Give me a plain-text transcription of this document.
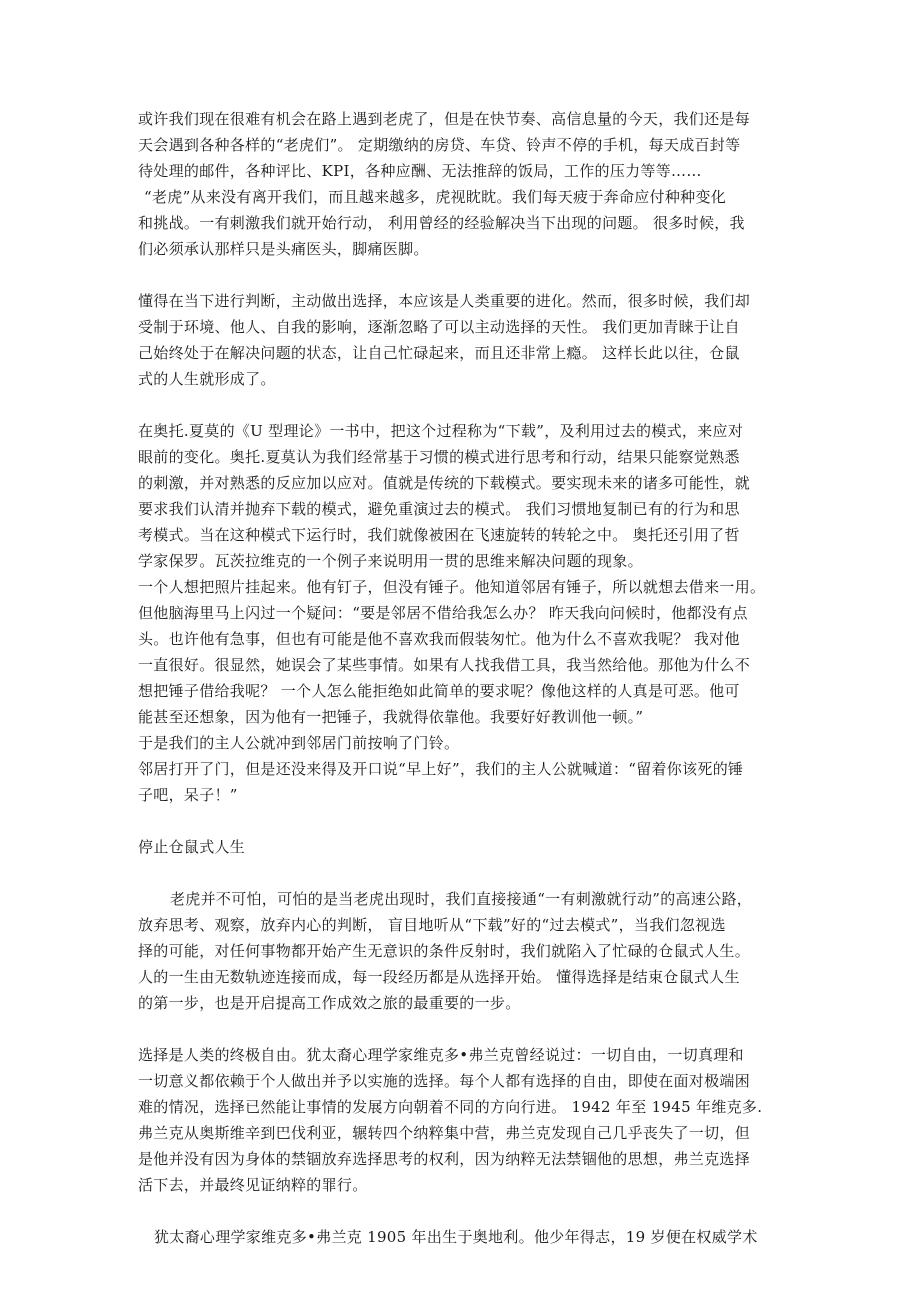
或许我们现在很难有机会在路上遇到老虎了，但是在快节奏、高信息量的今天，我们还是每
天会遇到各种各样的“老虎们”。 定期缴纳的房贷、车贷、铃声不停的手机，每天成百封等
待处理的邮件，各种评比、KPI，各种应酬、无法推辞的饭局，工作的压力等等……
“老虎”从来没有离开我们，而且越来越多，虎视眈眈。我们每天疲于奔命应付种种变化
和挑战。一有刺激我们就开始行动， 利用曾经的经验解决当下出现的问题。 很多时候，我
们必须承认那样只是头痛医头，脚痛医脚。
懂得在当下进行判断，主动做出选择，本应该是人类重要的进化。然而，很多时候，我们却
受制于环境、他人、自我的影响，逐渐忽略了可以主动选择的天性。 我们更加青睐于让自
己始终处于在解决问题的状态，让自己忙碌起来，而且还非常上瘾。 这样长此以往，仓鼠
式的人生就形成了。
在奥托.夏莫的《U 型理论》一书中，把这个过程称为“下载”，及利用过去的模式，来应对
眼前的变化。奥托.夏莫认为我们经常基于习惯的模式进行思考和行动，结果只能察觉熟悉
的刺激，并对熟悉的反应加以应对。值就是传统的下载模式。要实现未来的诸多可能性，就
要求我们认清并抛弃下载的模式，避免重演过去的模式。 我们习惯地复制已有的行为和思
考模式。当在这种模式下运行时，我们就像被困在飞速旋转的转轮之中。 奥托还引用了哲
学家保罗。瓦茨拉维克的一个例子来说明用一贯的思维来解决问题的现象。
一个人想把照片挂起来。他有钉子，但没有锤子。他知道邻居有锤子，所以就想去借来一用。
但他脑海里马上闪过一个疑问：“要是邻居不借给我怎么办？ 昨天我向问候时，他都没有点
头。也许他有急事，但也有可能是他不喜欢我而假装匆忙。他为什么不喜欢我呢？ 我对他
一直很好。很显然，她误会了某些事情。如果有人找我借工具，我当然给他。那他为什么不
想把锤子借给我呢？ 一个人怎么能拒绝如此简单的要求呢？像他这样的人真是可恶。他可
能甚至还想象，因为他有一把锤子，我就得依靠他。我要好好教训他一顿。”
于是我们的主人公就冲到邻居门前按响了门铃。
邻居打开了门，但是还没来得及开口说“早上好”，我们的主人公就喊道：“留着你该死的锤
子吧，呆子！”
停止仓鼠式人生
老虎并不可怕，可怕的是当老虎出现时，我们直接接通“一有刺激就行动”的高速公路，
放弃思考、观察，放弃内心的判断， 盲目地听从“下载”好的“过去模式”，当我们忽视选
择的可能，对任何事物都开始产生无意识的条件反射时，我们就陷入了忙碌的仓鼠式人生。
人的一生由无数轨迹连接而成，每一段经历都是从选择开始。 懂得选择是结束仓鼠式人生
的第一步，也是开启提高工作成效之旅的最重要的一步。
选择是人类的终极自由。犹太裔心理学家维克多•弗兰克曾经说过：一切自由，一切真理和
一切意义都依赖于个人做出并予以实施的选择。每个人都有选择的自由，即使在面对极端困
难的情况，选择已然能让事情的发展方向朝着不同的方向行进。 1942 年至 1945 年维克多.
弗兰克从奥斯维辛到巴伐利亚，辗转四个纳粹集中营，弗兰克发现自己几乎丧失了一切，但
是他并没有因为身体的禁锢放弃选择思考的权利，因为纳粹无法禁锢他的思想，弗兰克选择
活下去，并最终见证纳粹的罪行。
犹太裔心理学家维克多•弗兰克 1905 年出生于奥地利。他少年得志，19 岁便在权威学术
